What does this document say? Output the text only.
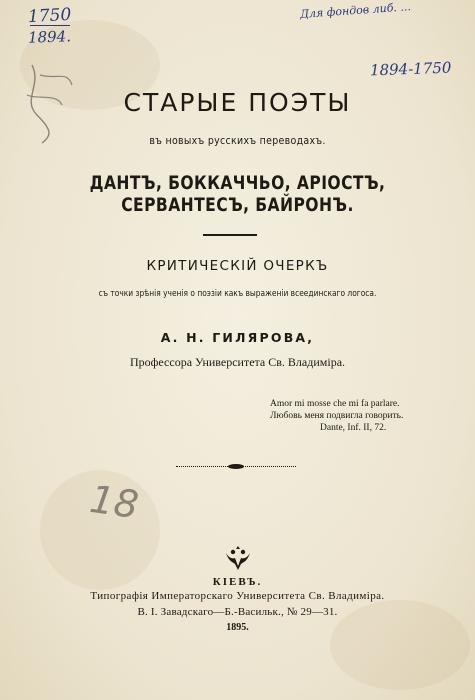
1750
1894.
Для фондов либ. ...
1894-1750
18
СТАРЫЕ ПОЭТЫ
въ новыхъ русскихъ переводахъ.
ДАНТЪ, БОККАЧЧЬО, АРIОСТЪ, СЕРВАНТЕСЪ, БАЙРОНЪ.
КРИТИЧЕСКIЙ ОЧЕРКЪ
съ точки зрѣнiя ученiя о поэзiи какъ выраженiи всеединскаго логоса.
А. Н. ГИЛЯРОВА,
Профессора Университета Св. Владимiра.
Amor mi mosse che mi fa parlare.
Любовь меня подвигла говорить.
Dante, Inf. II, 72.
КIЕВЪ.
Типографiя Императорскаго Университета Св. Владимiра.
В. I. Завадскаго—Б.-Васильк., № 29—31.
1895.
